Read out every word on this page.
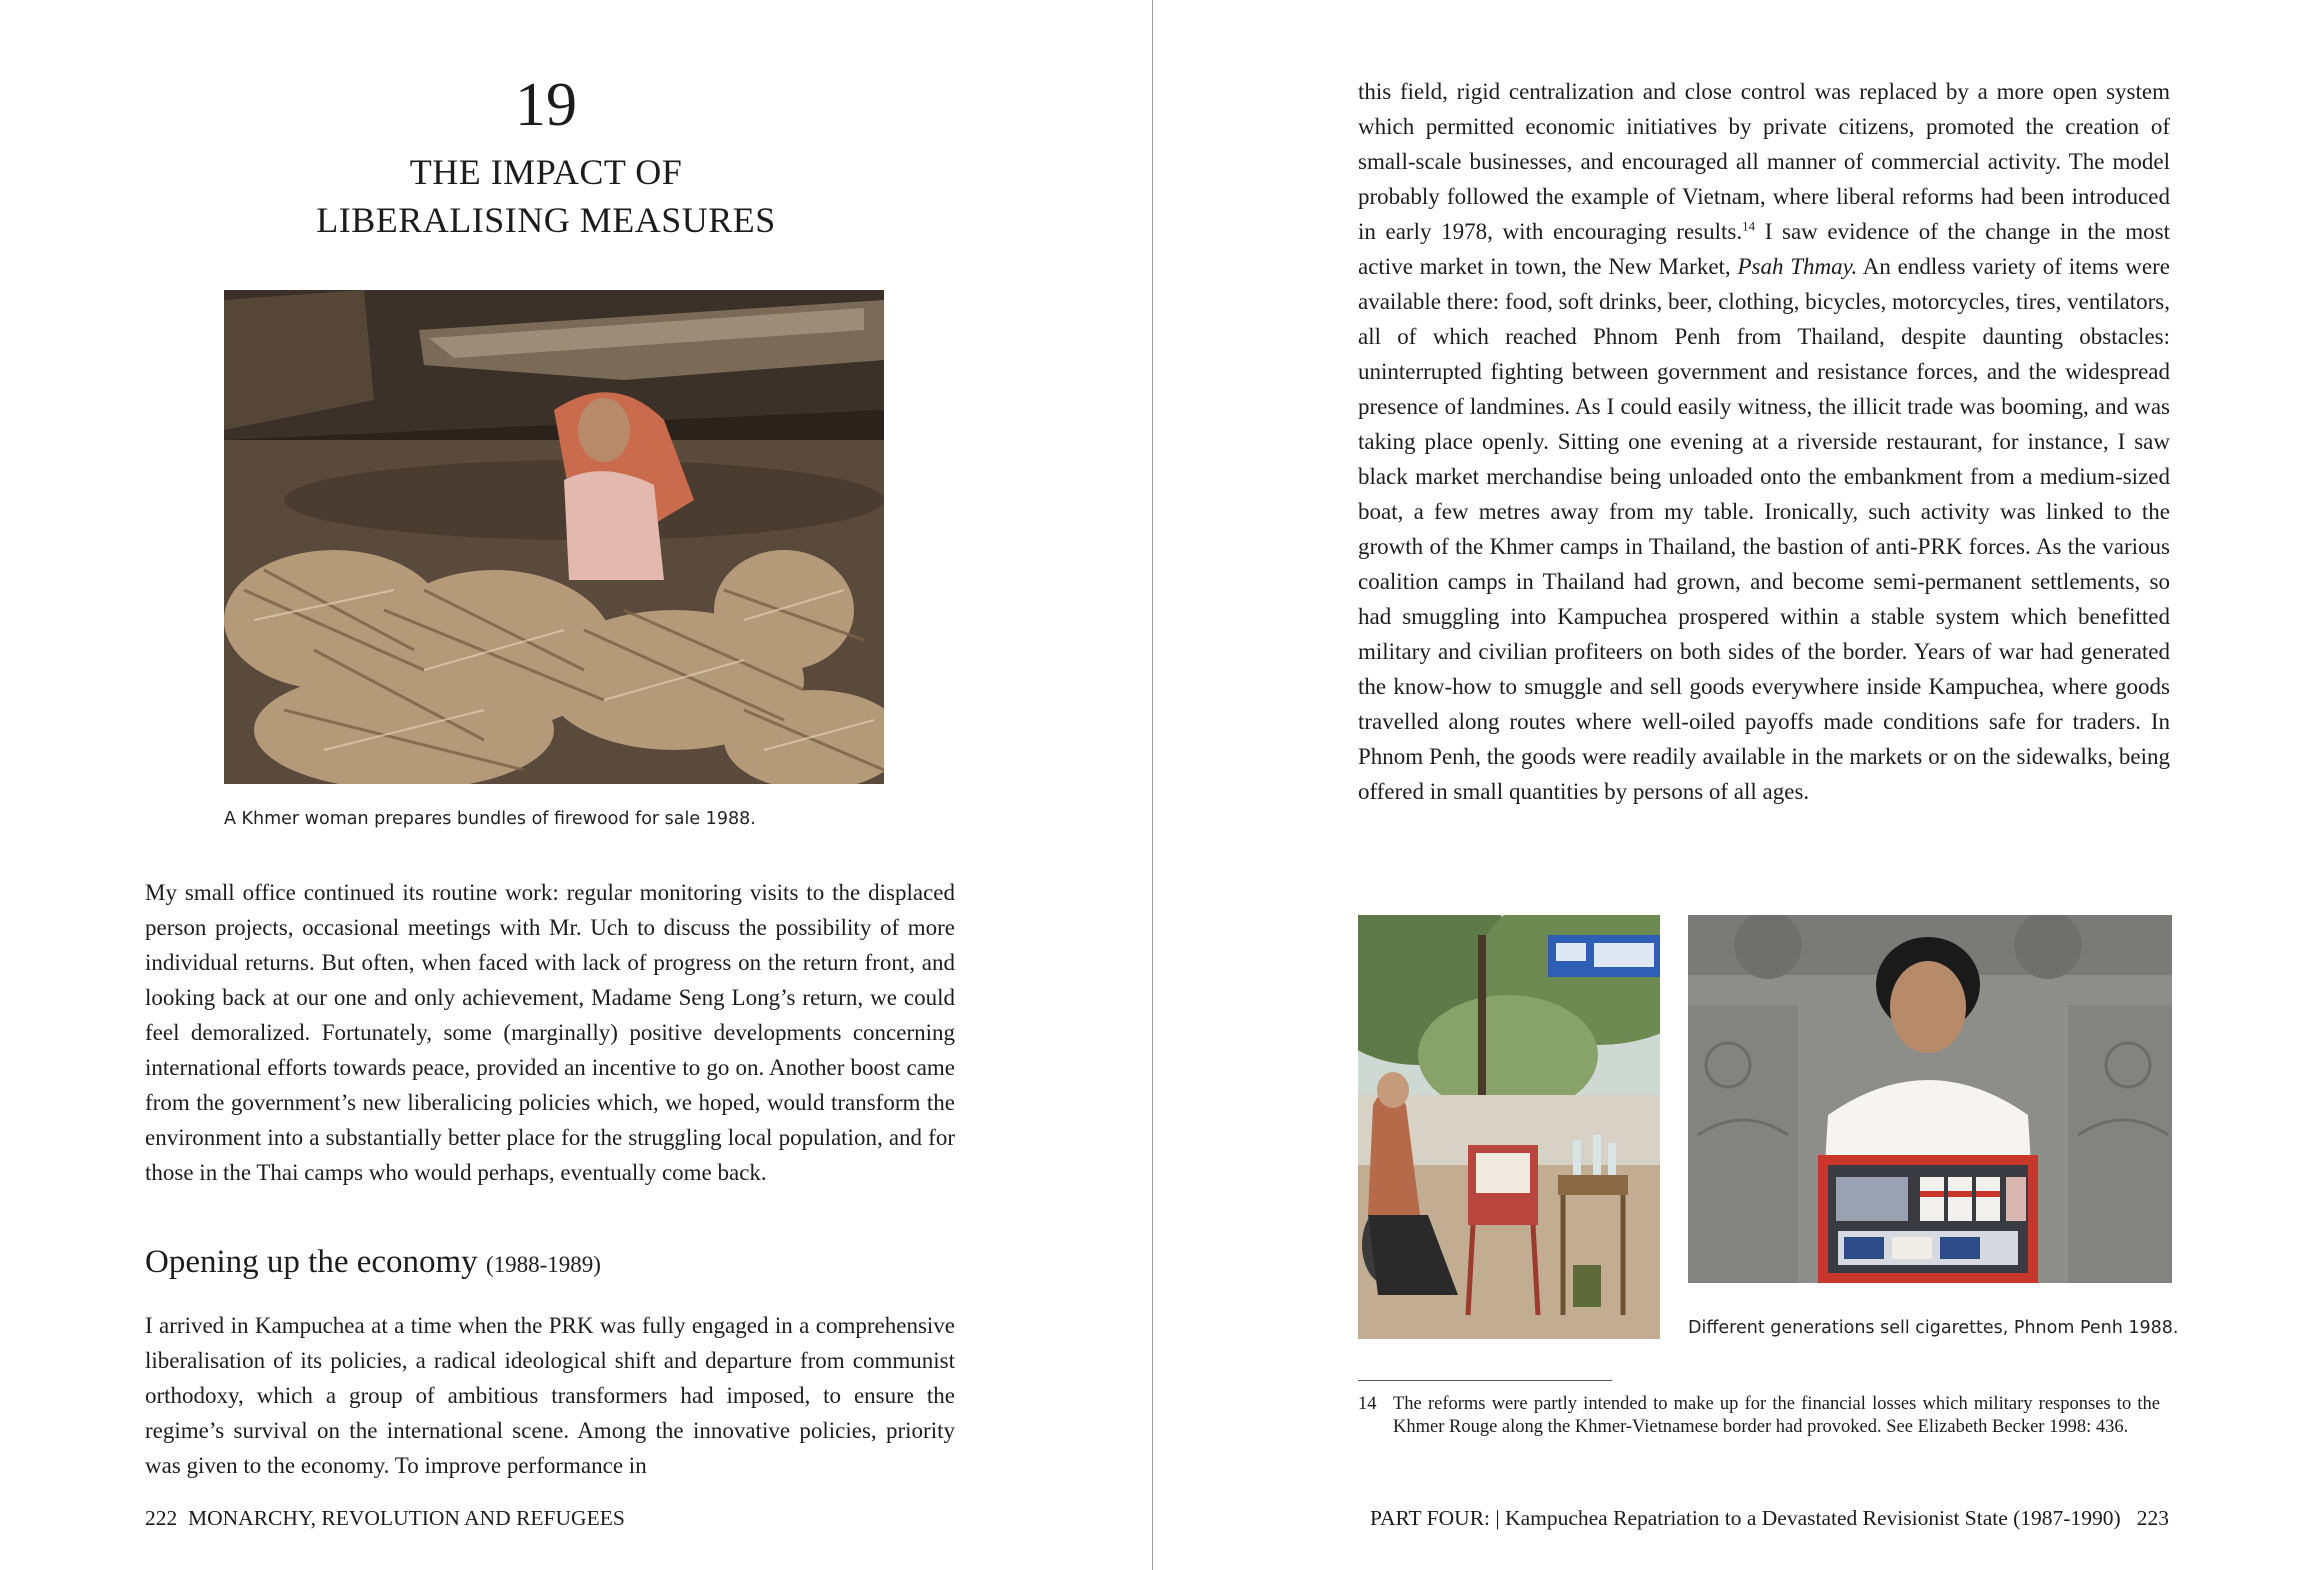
19
THE IMPACT OF
LIBERALISING MEASURES
A Khmer woman prepares bundles of firewood for sale 1988.
My small office continued its routine work: regular monitoring visits to the displaced person projects, occasional meetings with Mr. Uch to discuss the possibility of more individual returns. But often, when faced with lack of progress on the return front, and looking back at our one and only achievement, Madame Seng Long’s return, we could feel demoralized. Fortunately, some (marginally) positive developments concerning international efforts towards peace, provided an incentive to go on. Another boost came from the government’s new liberalicing policies which, we hoped, would transform the environment into a substantially better place for the struggling local population, and for those in the Thai camps who would perhaps, eventually come back.
Opening up the economy (1988-1989)
I arrived in Kampuchea at a time when the PRK was fully engaged in a comprehensive liberalisation of its policies, a radical ideological shift and departure from communist orthodoxy, which a group of ambitious transformers had imposed, to ensure the regime’s survival on the international scene. Among the innovative policies, priority was given to the economy. To improve performance in
222 MONARCHY, REVOLUTION AND REFUGEES
this field, rigid centralization and close control was replaced by a more open system which permitted economic initiatives by private citizens, promoted the creation of small-scale businesses, and encouraged all manner of commercial activity. The model probably followed the example of Vietnam, where liberal reforms had been introduced in early 1978, with encouraging results.$^{14}$ I saw evidence of the change in the most active market in town, the New Market, Psah Thmay. An endless variety of items were available there: food, soft drinks, beer, clothing, bicycles, motorcycles, tires, ventilators, all of which reached Phnom Penh from Thailand, despite daunting obstacles: uninterrupted fighting between government and resistance forces, and the widespread presence of landmines. As I could easily witness, the illicit trade was booming, and was taking place openly. Sitting one evening at a riverside restaurant, for instance, I saw black market merchandise being unloaded onto the embankment from a medium-sized boat, a few metres away from my table. Ironically, such activity was linked to the growth of the Khmer camps in Thailand, the bastion of anti-PRK forces. As the various coalition camps in Thailand had grown, and become semi-permanent settlements, so had smuggling into Kampuchea prospered within a stable system which benefitted military and civilian profiteers on both sides of the border. Years of war had generated the know-how to smuggle and sell goods everywhere inside Kampuchea, where goods travelled along routes where well-oiled payoffs made conditions safe for traders. In Phnom Penh, the goods were readily available in the markets or on the sidewalks, being offered in small quantities by persons of all ages.
Different generations sell cigarettes, Phnom Penh 1988.
14 The reforms were partly intended to make up for the financial losses which military responses to the Khmer Rouge along the Khmer-Vietnamese border had provoked. See Elizabeth Becker 1998: 436.
PART FOUR: | Kampuchea Repatriation to a Devastated Revisionist State (1987-1990) 223
